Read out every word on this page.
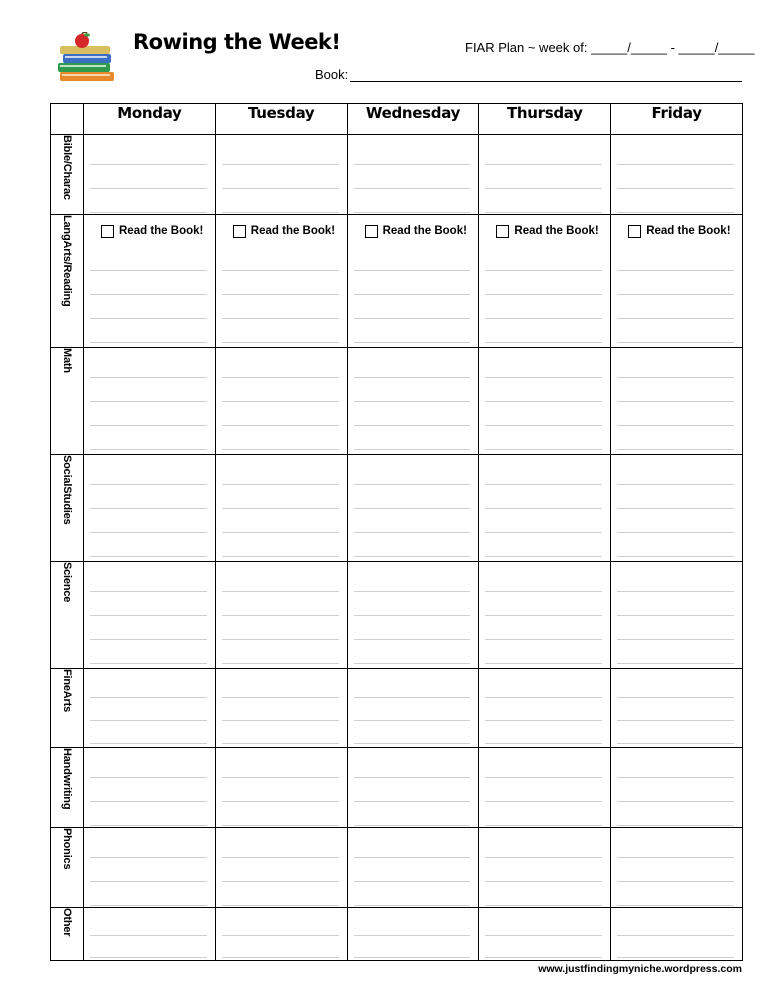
Rowing the Week!	FIAR Plan ~ week of: _____/_____ - _____/_____
Book:
	Monday	Tuesday	Wednesday	Thursday	Friday

Bible/Charac					

LangArts/Reading	Read the Book!	Read the Book!	Read the Book!	Read the Book!	Read the Book!

Math					

SocialStudies					

Science					

FineArts					

Handwriting					

Phonics					

Other					

www.justfindingmyniche.wordpress.com
